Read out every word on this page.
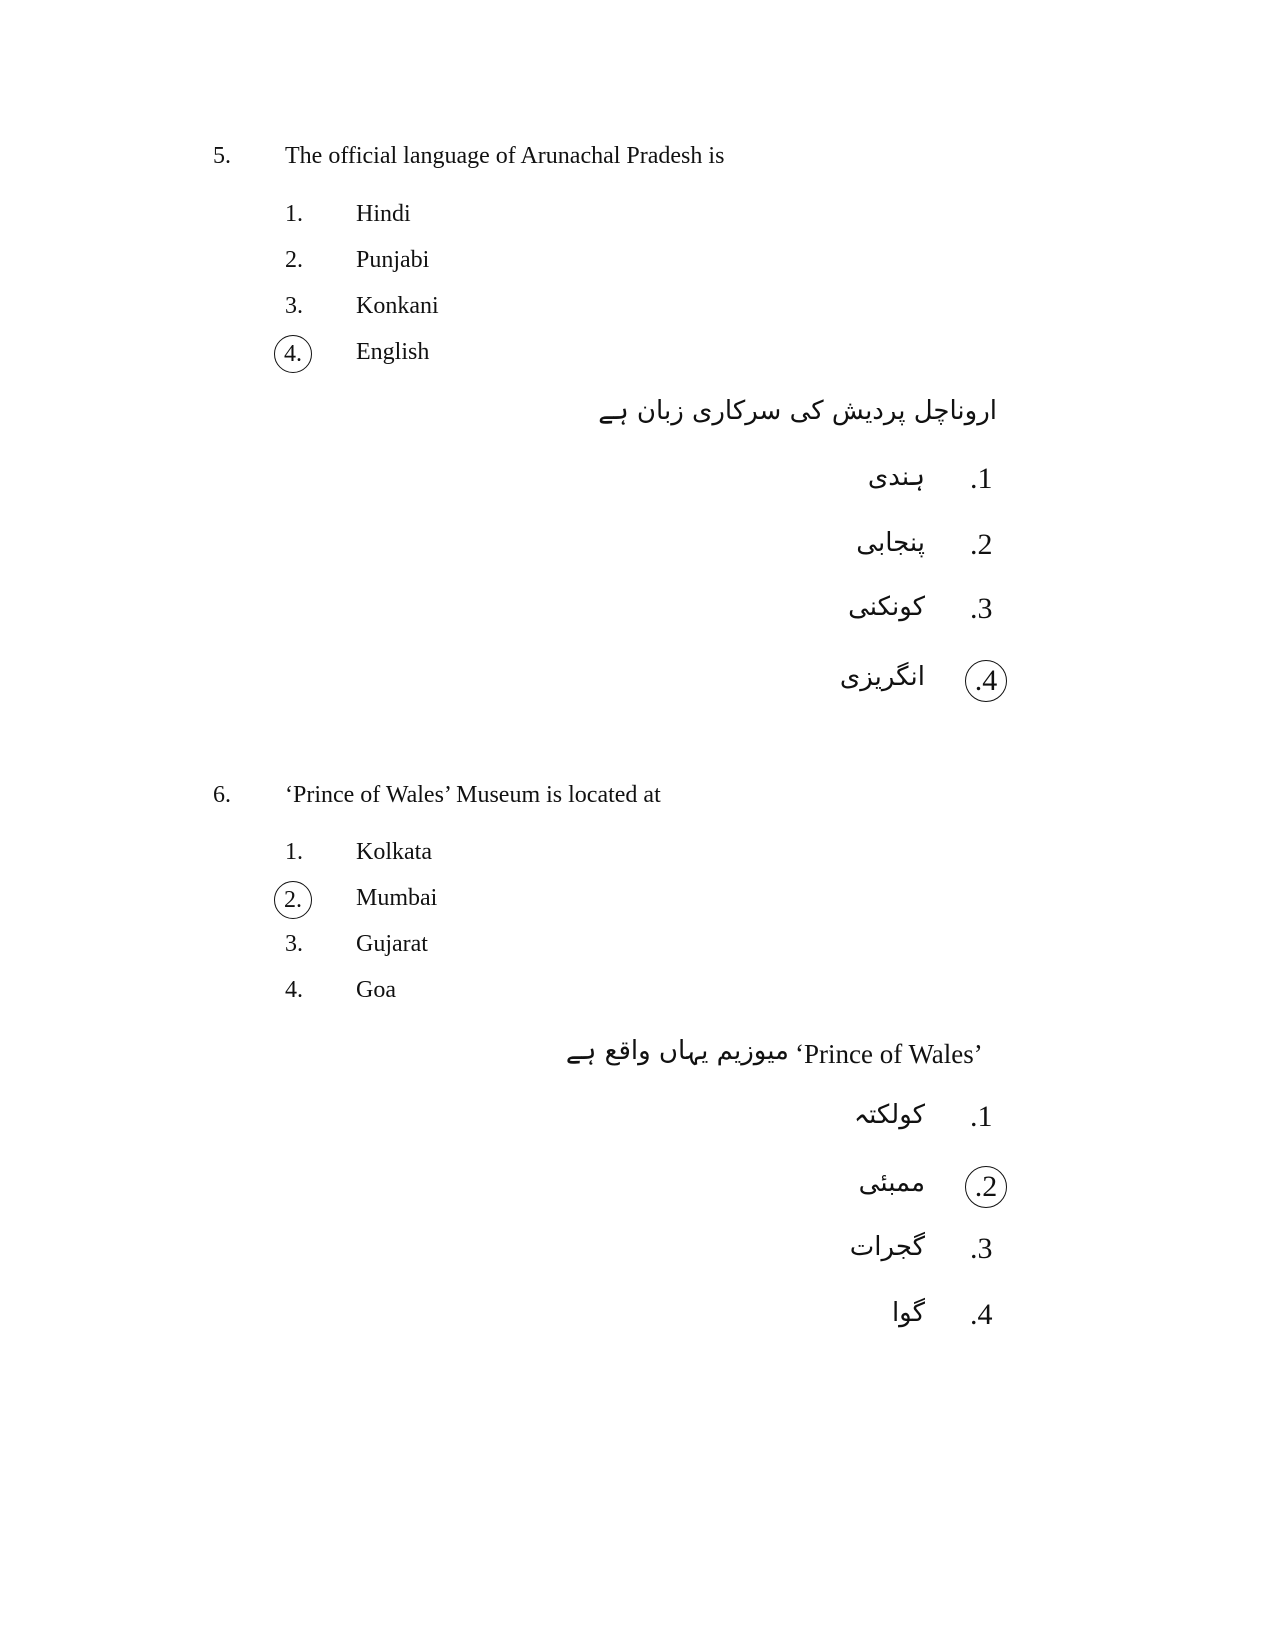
5. The official language of Arunachal Pradesh is
1.	Hindi
2.	Punjabi
3.	Konkani
4.	English
اروناچل پردیش کی سرکاری زبان ہے
ہندی .1
پنجابی .2
کونکنی .3
انگریزی	.4
6. ‘Prince of Wales’ Museum is located at
1.	Kolkata
2.	Mumbai
3.	Gujarat
4.	Goa
‘Prince of Wales’
میوزیم یہاں واقع ہے
کولکتہ .1
ممبئی	.2
گجرات .3
گوا .4
